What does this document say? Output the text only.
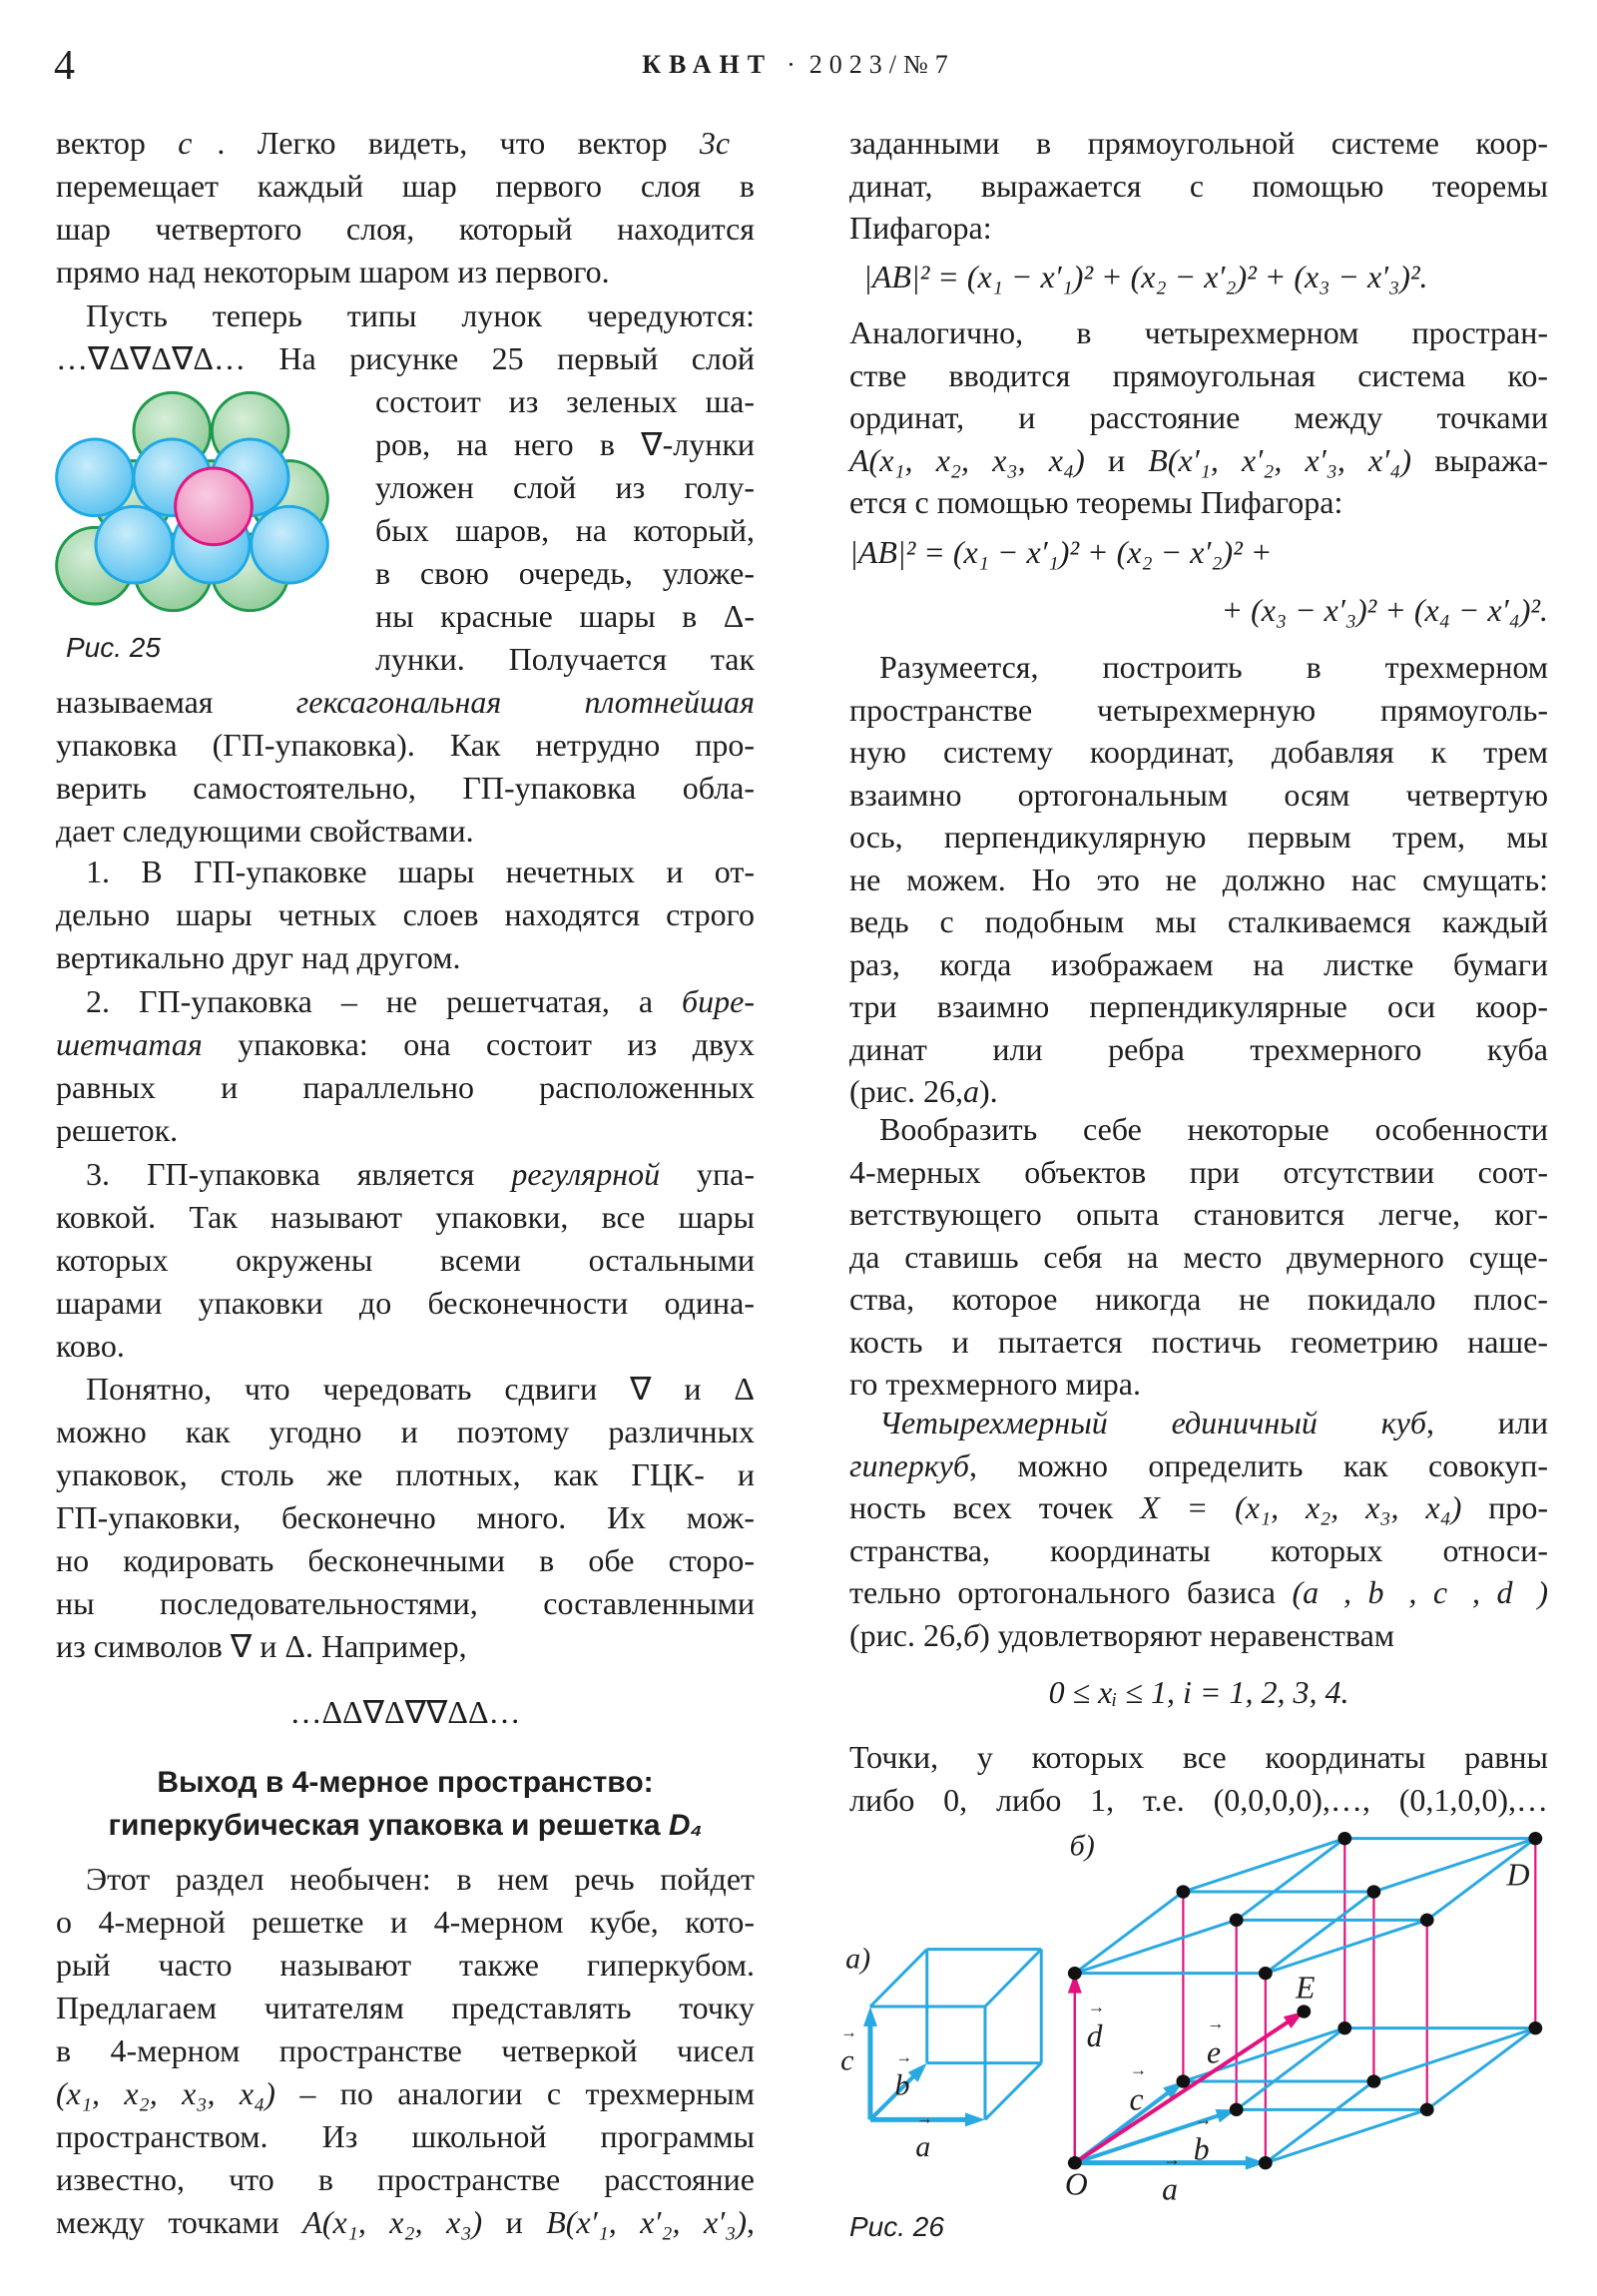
4	КВАНТ · 2023/№7
вектор c⃗. Легко видеть, что вектор 3c⃗
перемещает каждый шар первого слоя в
шар четвертого слоя, который находится
прямо над некоторым шаром из первого.
Пусть теперь типы лунок чередуются:
…∇Δ∇Δ∇Δ… На рисунке 25 первый слой
состоит из зеленых ша-
ров, на него в ∇-лунки
уложен слой из голу-
бых шаров, на который,
в свою очередь, уложе-
ны красные шары в Δ-
лунки. Получается так
называемая гексагональная плотнейшая
упаковка (ГП-упаковка). Как нетрудно про-
верить самостоятельно, ГП-упаковка обла-
дает следующими свойствами.
1. В ГП-упаковке шары нечетных и от-
дельно шары четных слоев находятся строго
вертикально друг над другом.
2. ГП-упаковка – не решетчатая, а бире-
шетчатая упаковка: она состоит из двух
равных и параллельно расположенных
решеток.
3. ГП-упаковка является регулярной упа-
ковкой. Так называют упаковки, все шары
которых окружены всеми остальными
шарами упаковки до бесконечности одина-
ково.
Понятно, что чередовать сдвиги ∇ и Δ
можно как угодно и поэтому различных
упаковок, столь же плотных, как ГЦК- и
ГП-упаковки, бесконечно много. Их мож-
но кодировать бесконечными в обе сторо-
ны последовательностями, составленными
из символов ∇ и Δ. Например,
Этот раздел необычен: в нем речь пойдет
о 4-мерной решетке и 4-мерном кубе, кото-
рый часто называют также гиперкубом.
Предлагаем читателям представлять точку
в 4-мерном пространстве четверкой чисел
(x₁, x₂, x₃, x₄) – по аналогии с трехмерным
пространством. Из школьной программы
известно, что в пространстве расстояние
между точками A(x₁, x₂, x₃) и B(x′₁, x′₂, x′₃),
заданными в прямоугольной системе коор-
динат, выражается с помощью теоремы
Пифагора:
Аналогично, в четырехмерном простран-
стве вводится прямоугольная система ко-
ординат, и расстояние между точками
A(x₁, x₂, x₃, x₄) и B(x′₁, x′₂, x′₃, x′₄) выража-
ется с помощью теоремы Пифагора:
Разумеется, построить в трехмерном
пространстве четырехмерную прямоуголь-
ную систему координат, добавляя к трем
взаимно ортогональным осям четвертую
ось, перпендикулярную первым трем, мы
не можем. Но это не должно нас смущать:
ведь с подобным мы сталкиваемся каждый
раз, когда изображаем на листке бумаги
три взаимно перпендикулярные оси коор-
динат или ребра трехмерного куба
(рис. 26,а).
Вообразить себе некоторые особенности
4-мерных объектов при отсутствии соот-
ветствующего опыта становится легче, ког-
да ставишь себя на место двумерного суще-
ства, которое никогда не покидало плос-
кость и пытается постичь геометрию наше-
го трехмерного мира.
Четырехмерный единичный куб, или
гиперкуб, можно определить как совокуп-
ность всех точек X = (x₁, x₂, x₃, x₄) про-
странства, координаты которых относи-
тельно ортогонального базиса (a⃗, b⃗, c⃗, d⃗)
(рис. 26,б) удовлетворяют неравенствам
Точки, у которых все координаты равны
либо 0, либо 1, т.е. (0,0,0,0),…, (0,1,0,0),…
…ΔΔ∇Δ∇∇ΔΔ…
Выход в 4-мерное пространство:
гиперкубическая упаковка и решетка D₄
|AB|² = (x₁ − x′₁)² + (x₂ − x′₂)² + (x₃ − x′₃)².
|AB|² = (x₁ − x′₁)² + (x₂ − x′₂)² +
+ (x₃ − x′₃)² + (x₄ − x′₄)².
0 ≤ xᵢ ≤ 1, i = 1, 2, 3, 4.
Рис. 25
а)
c
→
b
→
a
→
б)
D
E
d
→
e
→
c
→
b
→
a
→
O
Рис. 26
